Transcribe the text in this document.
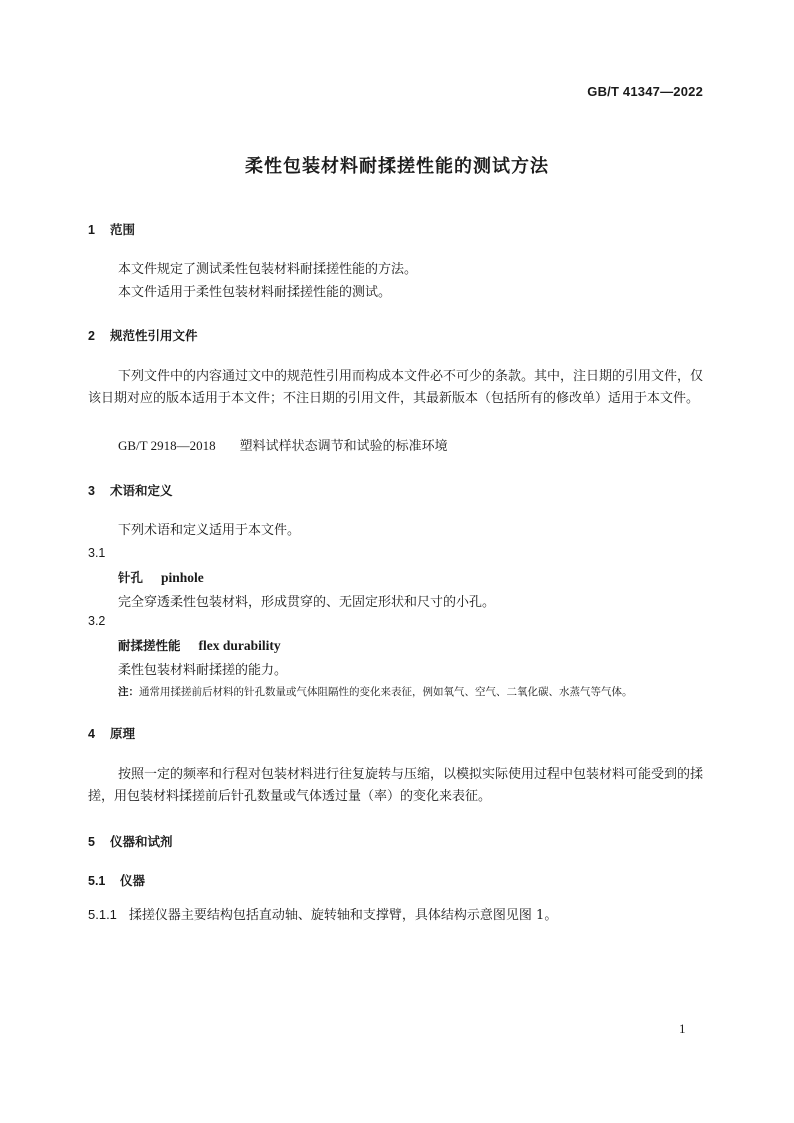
GB/T 41347—2022
柔性包装材料耐揉搓性能的测试方法
1 范围
本文件规定了测试柔性包装材料耐揉搓性能的方法。
本文件适用于柔性包装材料耐揉搓性能的测试。
2 规范性引用文件
下列文件中的内容通过文中的规范性引用而构成本文件必不可少的条款。其中，注日期的引用文件，仅该日期对应的版本适用于本文件；不注日期的引用文件，其最新版本（包括所有的修改单）适用于本文件。
GB/T 2918—2018 塑料试样状态调节和试验的标准环境
3 术语和定义
下列术语和定义适用于本文件。
3.1
针孔 pinhole
完全穿透柔性包装材料，形成贯穿的、无固定形状和尺寸的小孔。
3.2
耐揉搓性能 flex durability
柔性包装材料耐揉搓的能力。
注：通常用揉搓前后材料的针孔数量或气体阻隔性的变化来表征，例如氧气、空气、二氧化碳、水蒸气等气体。
4 原理
按照一定的频率和行程对包装材料进行往复旋转与压缩，以模拟实际使用过程中包装材料可能受到的揉搓，用包装材料揉搓前后针孔数量或气体透过量（率）的变化来表征。
5 仪器和试剂
5.1 仪器
5.1.1 揉搓仪器主要结构包括直动轴、旋转轴和支撑臂，具体结构示意图见图 1。
1
